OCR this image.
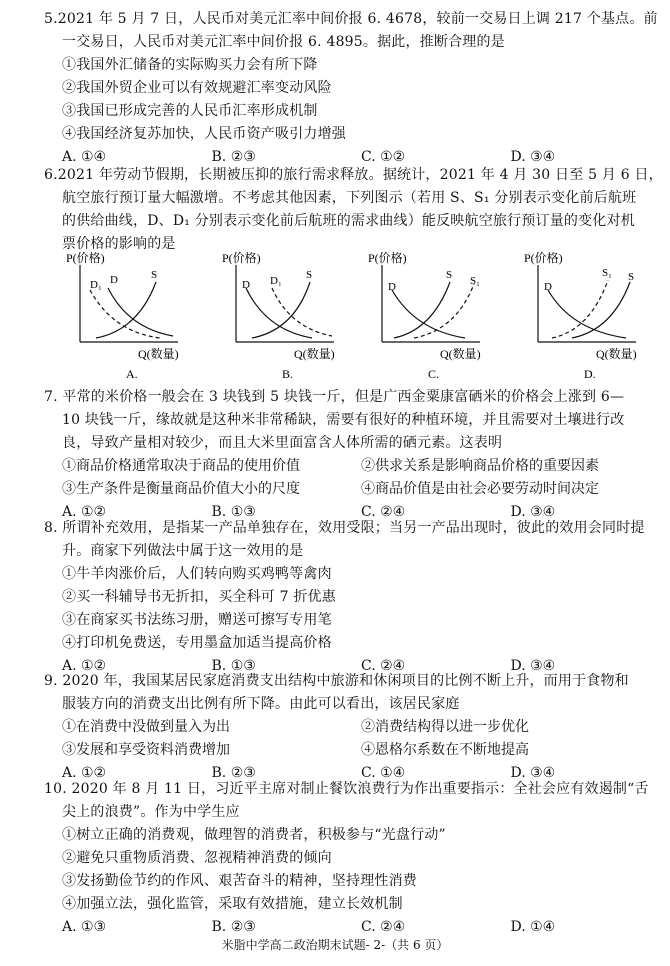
5.2021 年 5 月 7 日，人民币对美元汇率中间价报 6. 4678，较前一交易日上调 217 个基点。前
一交易日，人民币对美元汇率中间价报 6. 4895。据此，推断合理的是
①我国外汇储备的实际购买力会有所下降
②我国外贸企业可以有效规避汇率变动风险
③我国已形成完善的人民币汇率形成机制
④我国经济复苏加快，人民币资产吸引力增强
A. ①④	B. ②③	C. ①②	D. ③④
6.2021 年劳动节假期，长期被压抑的旅行需求释放。据统计，2021 年 4 月 30 日至 5 月 6 日，
航空旅行预订量大幅激增。不考虑其他因素，下列图示（若用 S、S₁ 分别表示变化前后航班
的供给曲线，D、D₁ 分别表示变化前后航班的需求曲线）能反映航空旅行预订量的变化对机
票价格的影响的是
P(价格)
D₁ D	S
Q(数量)
A.
P(价格)
D D₁ S
Q(数量)
B.
P(价格)
D
S S₁
Q(数量)
C.
P(价格)
D
S₁ S
Q(数量)
D.
7. 平常的米价格一般会在 3 块钱到 5 块钱一斤，但是广西金粟康富硒米的价格会上涨到 6—
10 块钱一斤，缘故就是这种米非常稀缺，需要有很好的种植环境，并且需要对土壤进行改
良，导致产量相对较少，而且大米里面富含人体所需的硒元素。这表明
①商品价格通常取决于商品的使用价值	②供求关系是影响商品价格的重要因素
③生产条件是衡量商品价值大小的尺度	④商品价值是由社会必要劳动时间决定
A. ①②	B. ①③	C. ②④	D. ③④
8. 所谓补充效用，是指某一产品单独存在，效用受限；当另一产品出现时，彼此的效用会同时提
升。商家下列做法中属于这一效用的是
①牛羊肉涨价后，人们转向购买鸡鸭等禽肉
②买一科辅导书无折扣，买全科可 7 折优惠
③在商家买书法练习册，赠送可擦写专用笔
④打印机免费送，专用墨盒加适当提高价格
A. ①②	B. ①③	C. ②④	D. ③④
9. 2020 年，我国某居民家庭消费支出结构中旅游和休闲项目的比例不断上升，而用于食物和
服装方向的消费支出比例有所下降。由此可以看出，该居民家庭
①在消费中没做到量入为出	②消费结构得以进一步优化
③发展和享受资料消费增加	④恩格尔系数在不断地提高
A. ①②	B. ②③	C. ①④	D. ③④
10. 2020 年 8 月 11 日，习近平主席对制止餐饮浪费行为作出重要指示：全社会应有效遏制“舌
尖上的浪费”。作为中学生应
①树立正确的消费观，做理智的消费者，积极参与“光盘行动”
②避免只重物质消费、忽视精神消费的倾向
③发扬勤俭节约的作风、艰苦奋斗的精神，坚持理性消费
④加强立法，强化监管，采取有效措施，建立长效机制
A. ①③	B. ②③	C. ②④	D. ①④
米脂中学高二政治期末试题- 2-（共 6 页）
